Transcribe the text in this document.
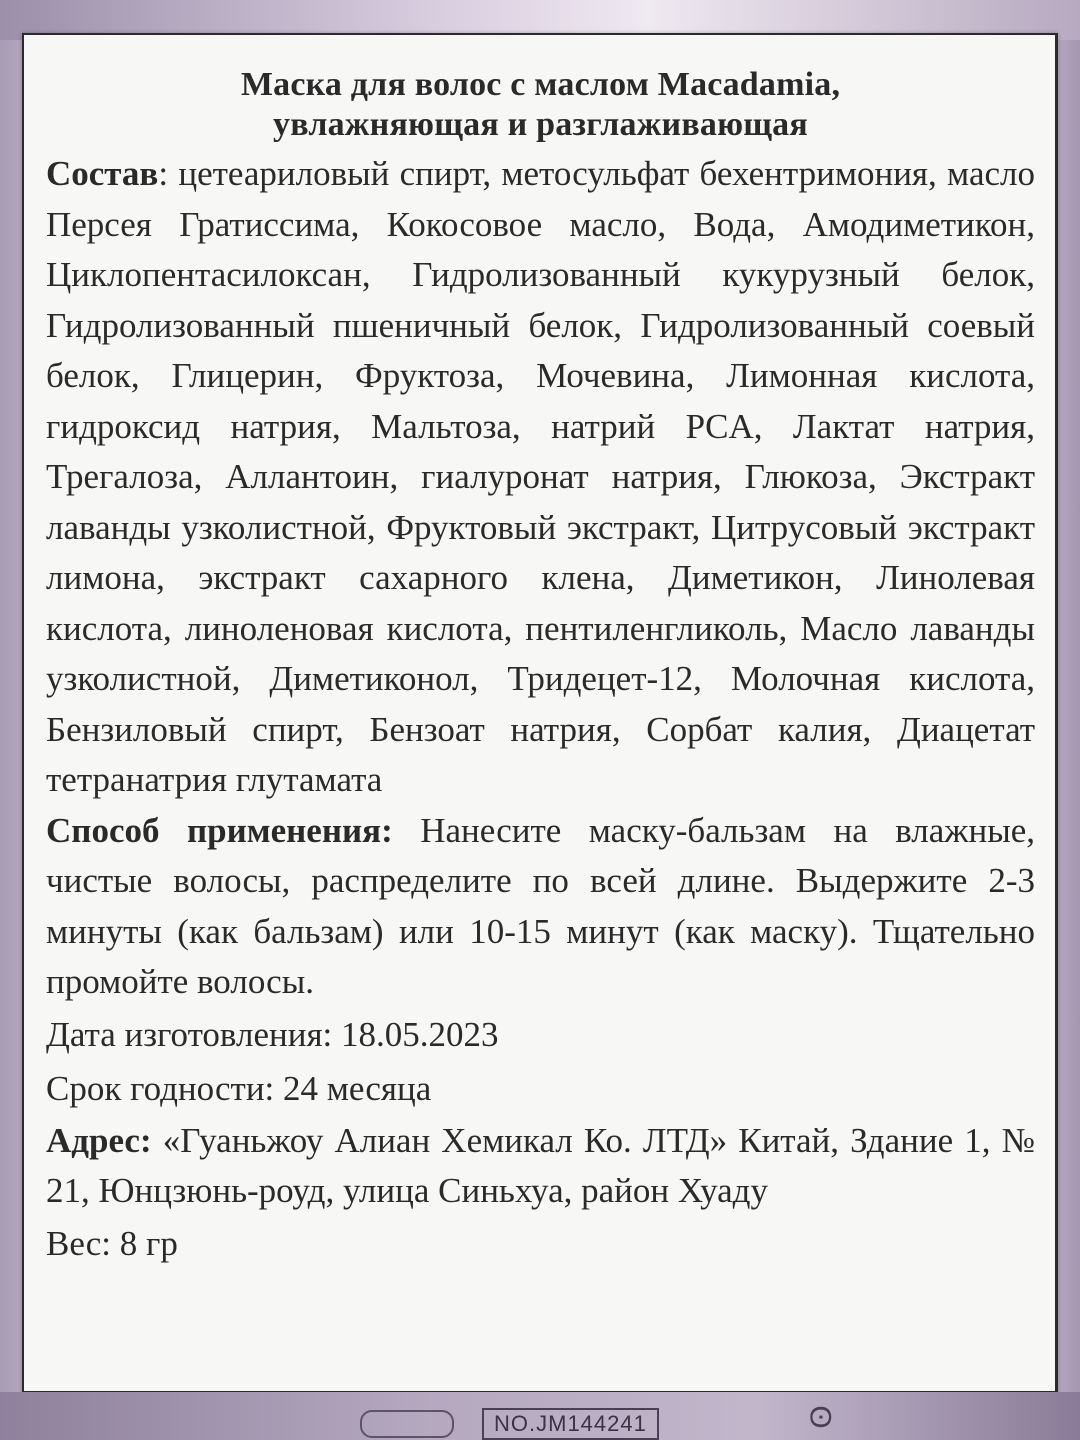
Маска для волос с маслом Macadamia,
увлажняющая и разглаживающая

Состав: цетеариловый спирт, метосульфат бехентримония, масло Персея Гратиссима, Кокосовое масло, Вода, Амодиметикон, Циклопентасилоксан, Гидролизованный кукурузный белок, Гидролизованный пшеничный белок, Гидролизованный соевый белок, Глицерин, Фруктоза, Мочевина, Лимонная кислота, гидроксид натрия, Мальтоза, натрий PCA, Лактат натрия, Трегалоза, Аллантоин, гиалуронат натрия, Глюкоза, Экстракт лаванды узколистной, Фруктовый экстракт, Цитрусовый экстракт лимона, экстракт сахарного клена, Диметикон, Линолевая кислота, линоленовая кислота, пентиленгликоль, Масло лаванды узколистной, Диметиконол, Тридецет-12, Молочная кислота, Бензиловый спирт, Бензоат натрия, Сорбат калия, Диацетат тетранатрия глутамата

Способ применения: Нанесите маску-бальзам на влажные, чистые волосы, распределите по всей длине. Выдержите 2-3 минуты (как бальзам) или 10-15 минут (как маску). Тщательно промойте волосы.

Дата изготовления: 18.05.2023

Срок годности: 24 месяца

Адрес: «Гуаньжоу Алиан Хемикал Ко. ЛТД» Китай, Здание 1, № 21, Юнцзюнь-роуд, улица Синьхуа, район Хуаду

Вес: 8 гр

NO.JM144241	ʘ
